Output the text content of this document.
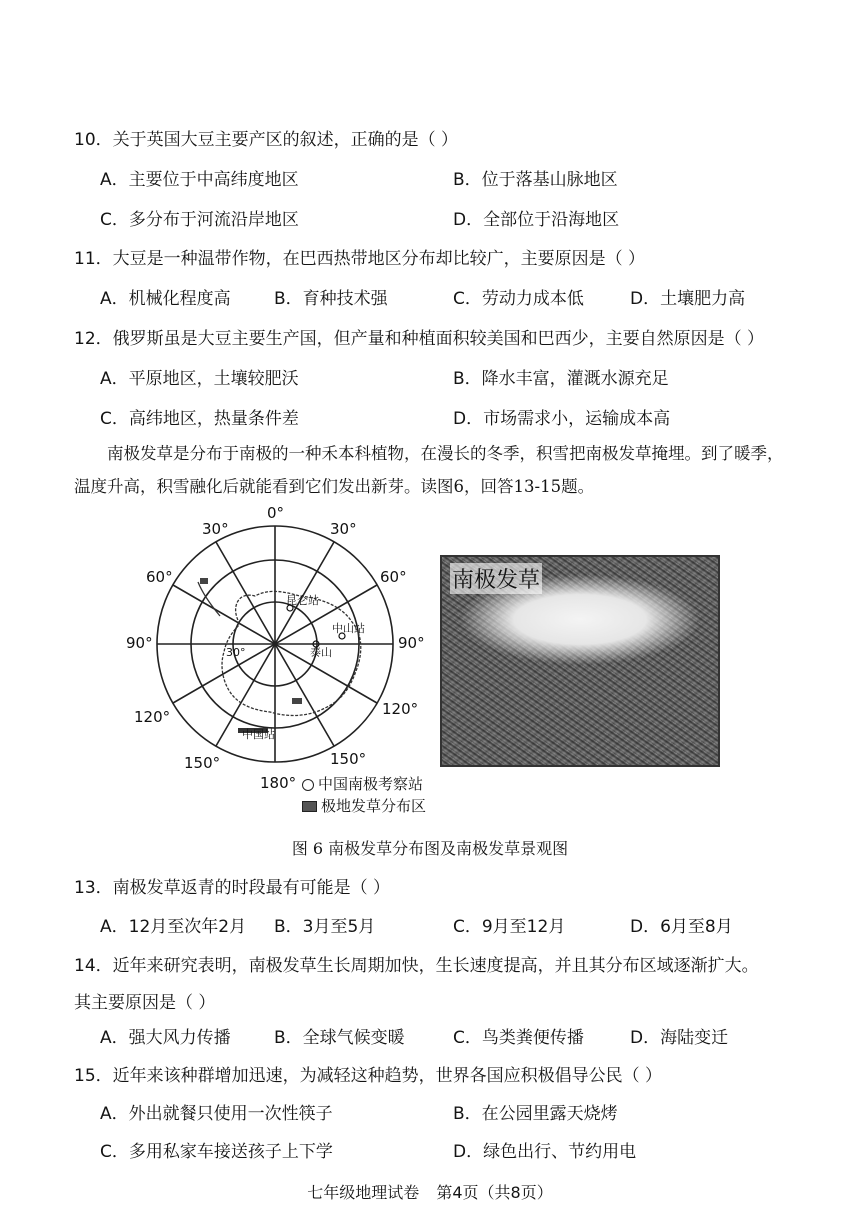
10．关于英国大豆主要产区的叙述，正确的是（ ）
A．主要位于中高纬度地区	B．位于落基山脉地区
C．多分布于河流沿岸地区	D．全部位于沿海地区
11．大豆是一种温带作物，在巴西热带地区分布却比较广，主要原因是（ ）
A．机械化程度高	B．育种技术强	C．劳动力成本低	D．土壤肥力高
12．俄罗斯虽是大豆主要生产国，但产量和种植面积较美国和巴西少，主要自然原因是（ ）
A．平原地区，土壤较肥沃	B．降水丰富，灌溉水源充足
C．高纬地区，热量条件差	D．市场需求小，运输成本高

南极发草是分布于南极的一种禾本科植物，在漫长的冬季，积雪把南极发草掩埋。到了暖季，温度升高，积雪融化后就能看到它们发出新芽。读图6，回答13-15题。

0°
30°	30°
60°	60°
90°	90°
120°	120°
150°	150°
180°
昆仑站
中山站
泰山
30°
中国站
中国南极考察站
极地发草分布区
南极发草
图 6 南极发草分布图及南极发草景观图
13．南极发草返青的时段最有可能是（ ）
A．12月至次年2月 B．3月至5月	C．9月至12月	D．6月至8月
14．近年来研究表明，南极发草生长周期加快，生长速度提高，并且其分布区域逐渐扩大。
其主要原因是（ ）
A．强大风力传播	B．全球气候变暖	C．鸟类粪便传播	D．海陆变迁
15．近年来该种群增加迅速，为减轻这种趋势，世界各国应积极倡导公民（ ）
A．外出就餐只使用一次性筷子	B．在公园里露天烧烤
C．多用私家车接送孩子上下学	D．绿色出行、节约用电
七年级地理试卷 第4页（共8页）
